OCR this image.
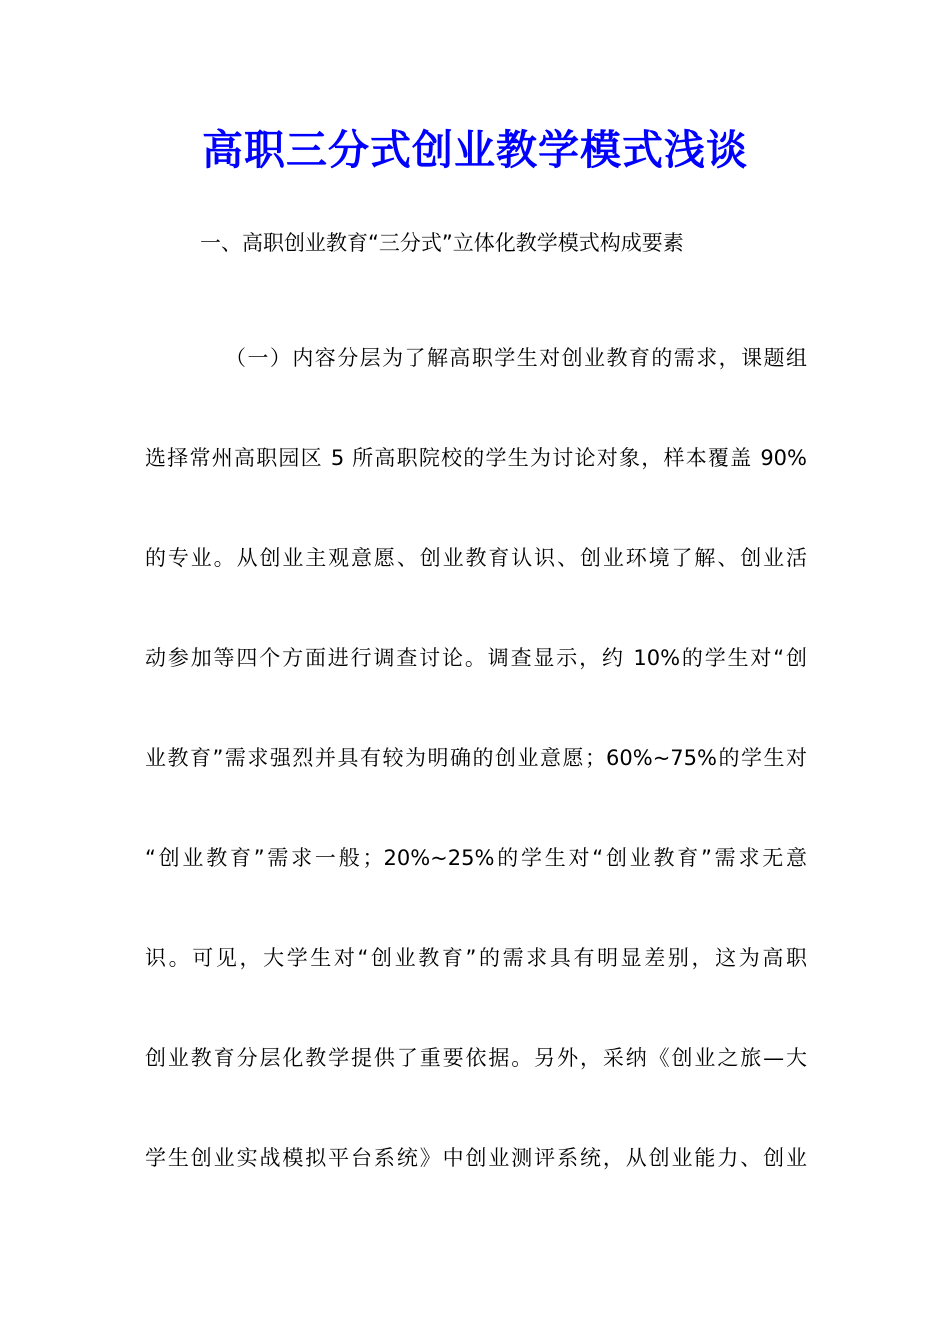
高职三分式创业教学模式浅谈

一、高职创业教育“三分式”立体化教学模式构成要素

（一）内容分层为了解高职学生对创业教育的需求，课题组
选择常州高职园区 5 所高职院校的学生为讨论对象，样本覆盖 90%
的专业。从创业主观意愿、创业教育认识、创业环境了解、创业活
动参加等四个方面进行调查讨论。调查显示，约 10%的学生对“创
业教育”需求强烈并具有较为明确的创业意愿；60%~75%的学生对
“创业教育”需求一般；20%~25%的学生对“创业教育”需求无意
识。可见，大学生对“创业教育”的需求具有明显差别，这为高职
创业教育分层化教学提供了重要依据。另外，采纳《创业之旅—大
学生创业实战模拟平台系统》中创业测评系统，从创业能力、创业
